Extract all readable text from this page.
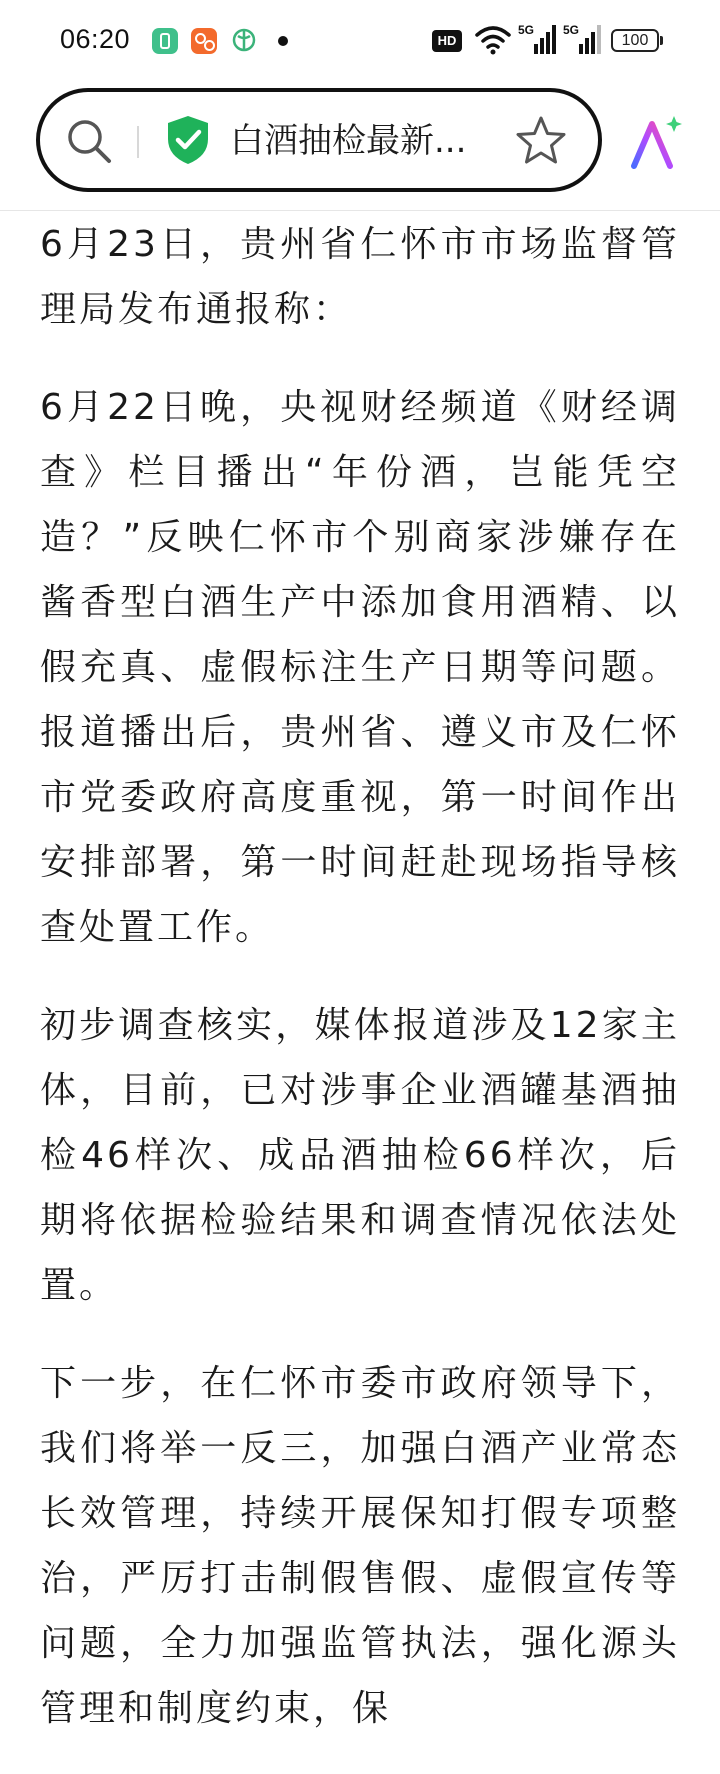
06:20	HD
5G 5G
100
白酒抽检最新...

6月23日，贵州省仁怀市市场监督管理局发布通报称：

6月22日晚，央视财经频道《财经调查》栏目播出“年份酒，岂能凭空造？”反映仁怀市个别商家涉嫌存在酱香型白酒生产中添加食用酒精、以假充真、虚假标注生产日期等问题。报道播出后，贵州省、遵义市及仁怀市党委政府高度重视，第一时间作出安排部署，第一时间赶赴现场指导核查处置工作。

初步调查核实，媒体报道涉及12家主体，目前，已对涉事企业酒罐基酒抽检46样次、成品酒抽检66样次，后期将依据检验结果和调查情况依法处置。

下一步，在仁怀市委市政府领导下，我们将举一反三，加强白酒产业常态长效管理，持续开展保知打假专项整治，严厉打击制假售假、虚假宣传等问题，全力加强监管执法，强化源头管理和制度约束，保
